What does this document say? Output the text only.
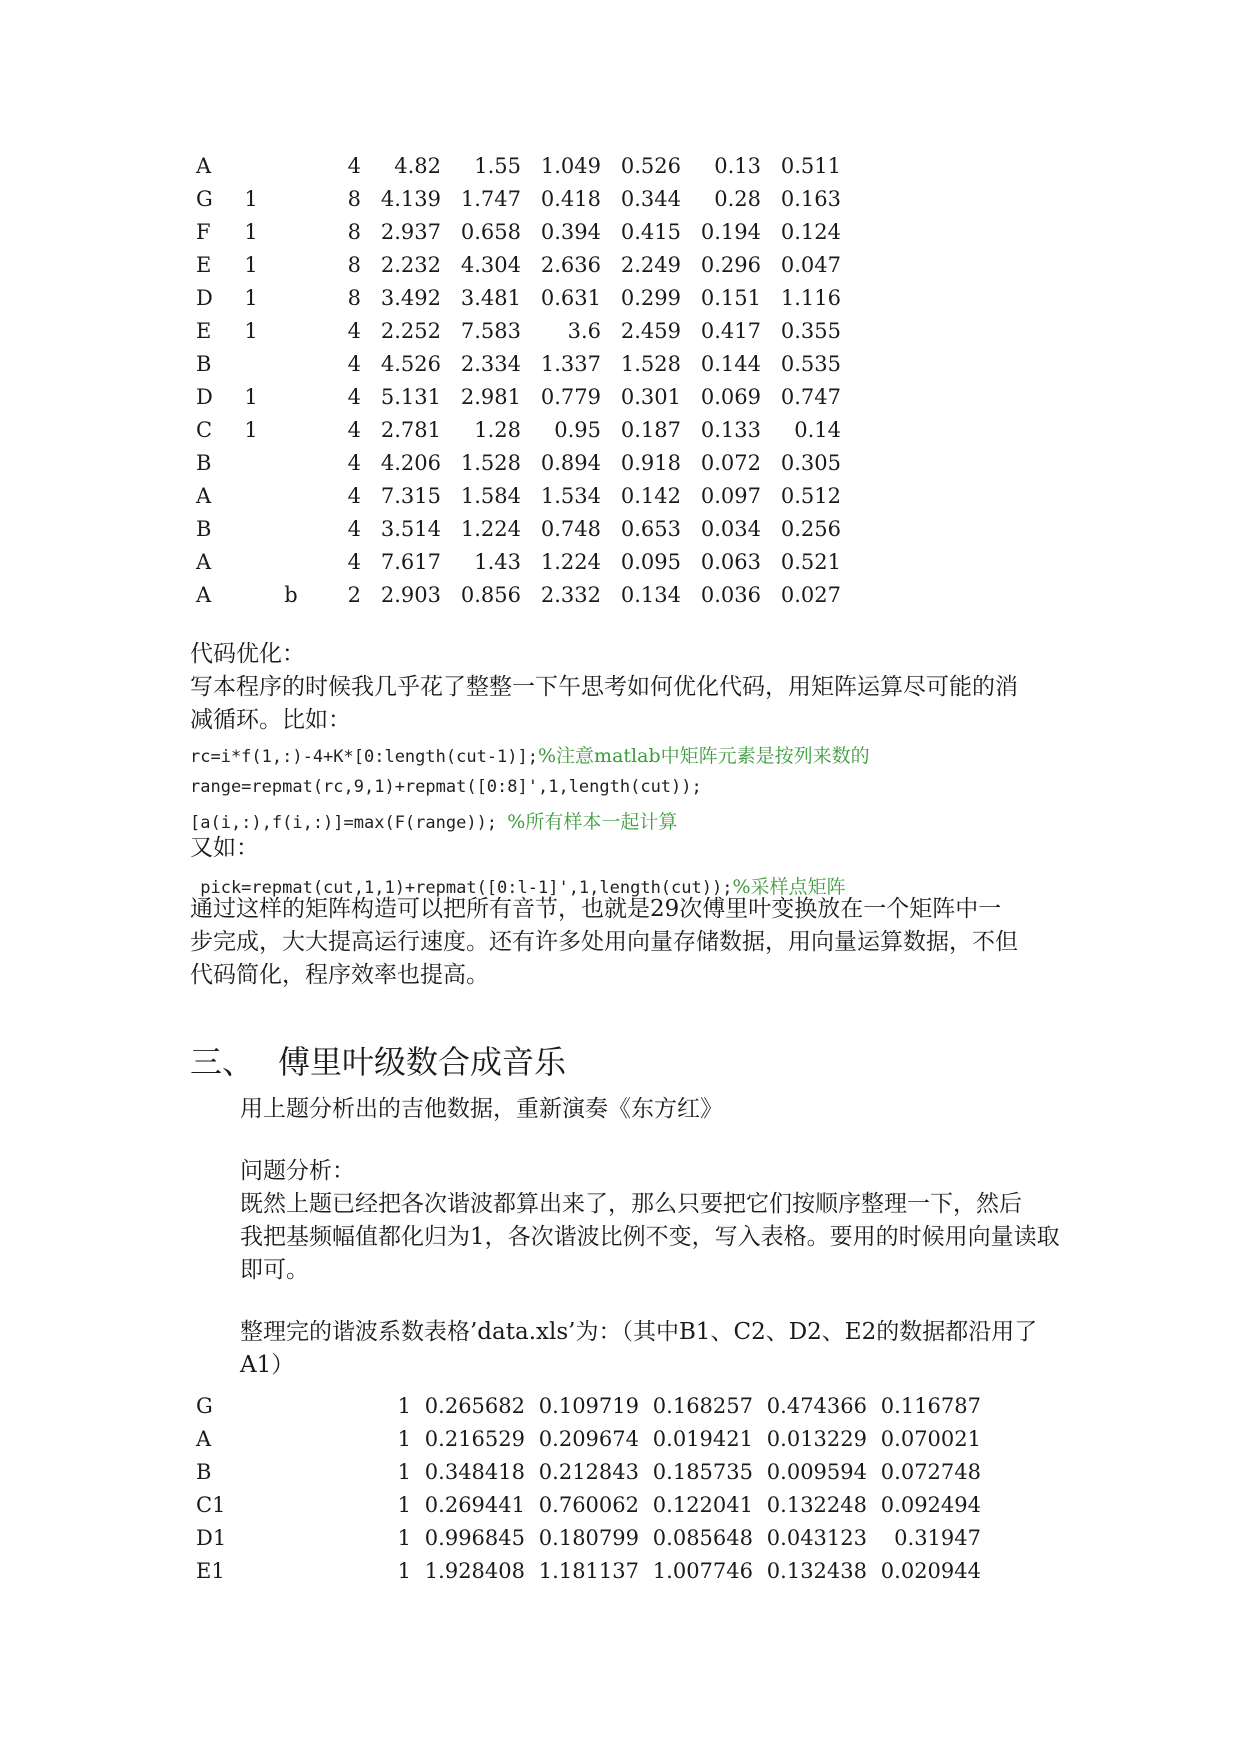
A			4	4.82	1.55	1.049	0.526	0.13	0.511
G	1		8	4.139	1.747	0.418	0.344	0.28	0.163
F	1		8	2.937	0.658	0.394	0.415	0.194	0.124
E	1		8	2.232	4.304	2.636	2.249	0.296	0.047
D	1		8	3.492	3.481	0.631	0.299	0.151	1.116
E	1		4	2.252	7.583	3.6	2.459	0.417	0.355
B			4	4.526	2.334	1.337	1.528	0.144	0.535
D	1		4	5.131	2.981	0.779	0.301	0.069	0.747
C	1		4	2.781	1.28	0.95	0.187	0.133	0.14
B			4	4.206	1.528	0.894	0.918	0.072	0.305
A			4	7.315	1.584	1.534	0.142	0.097	0.512
B			4	3.514	1.224	0.748	0.653	0.034	0.256
A			4	7.617	1.43	1.224	0.095	0.063	0.521
A		b	2	2.903	0.856	2.332	0.134	0.036	0.027
代码优化：
写本程序的时候我几乎花了整整一下午思考如何优化代码，用矩阵运算尽可能的消
减循环。比如：
rc=i*f(1,:)-4+K*[0:length(cut-1)];%注意matlab中矩阵元素是按列来数的
range=repmat(rc,9,1)+repmat([0:8]',1,length(cut));
[a(i,:),f(i,:)]=max(F(range)); %所有样本一起计算
又如：
pick=repmat(cut,1,1)+repmat([0:l-1]',1,length(cut));%采样点矩阵
通过这样的矩阵构造可以把所有音节，也就是29次傅里叶变换放在一个矩阵中一
步完成，大大提高运行速度。还有许多处用向量存储数据，用向量运算数据，不但
代码简化，程序效率也提高。
三、 傅里叶级数合成音乐
用上题分析出的吉他数据，重新演奏《东方红》
问题分析：
既然上题已经把各次谐波都算出来了，那么只要把它们按顺序整理一下，然后
我把基频幅值都化归为1，各次谐波比例不变，写入表格。要用的时候用向量读取
即可。
整理完的谐波系数表格’data.xls’为：（其中B1、C2、D2、E2的数据都沿用了
A1）
G	1	0.265682	0.109719	0.168257	0.474366	0.116787
A	1	0.216529	0.209674	0.019421	0.013229	0.070021
B	1	0.348418	0.212843	0.185735	0.009594	0.072748
C1	1	0.269441	0.760062	0.122041	0.132248	0.092494
D1	1	0.996845	0.180799	0.085648	0.043123	0.31947
E1	1	1.928408	1.181137	1.007746	0.132438	0.020944
